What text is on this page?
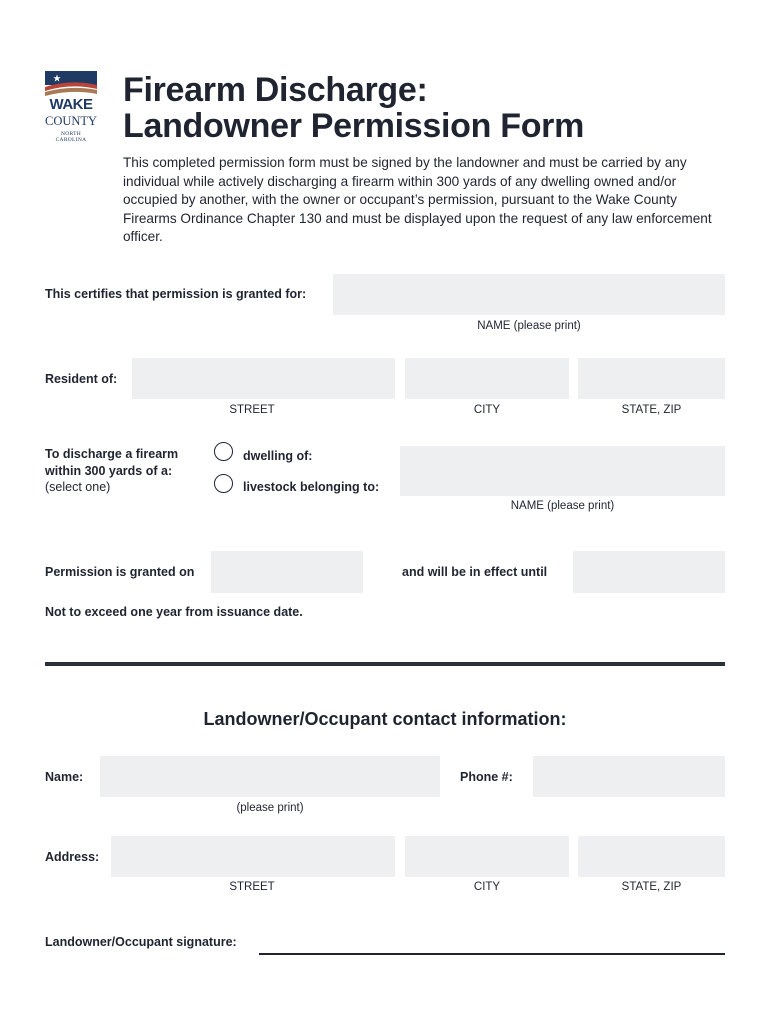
WAKE
COUNTY
NORTH CAROLINA
Firearm Discharge:
Landowner Permission Form
This completed permission form must be signed by the landowner and must be carried by any individual while actively discharging a firearm within 300 yards of any dwelling owned and/or occupied by another, with the owner or occupant’s permission, pursuant to the Wake County Firearms Ordinance Chapter 130 and must be displayed upon the request of any law enforcement officer.
This certifies that permission is granted for:
NAME (please print)
Resident of:
STREET	CITY	STATE, ZIP
To discharge a firearm
within 300 yards of a:
(select one)
dwelling of:
livestock belonging to:
NAME (please print)
Permission is granted on	and will be in effect until
Not to exceed one year from issuance date.
Landowner/Occupant contact information:
Name:	Phone #:
(please print)
Address:
STREET	CITY	STATE, ZIP
Landowner/Occupant signature:
